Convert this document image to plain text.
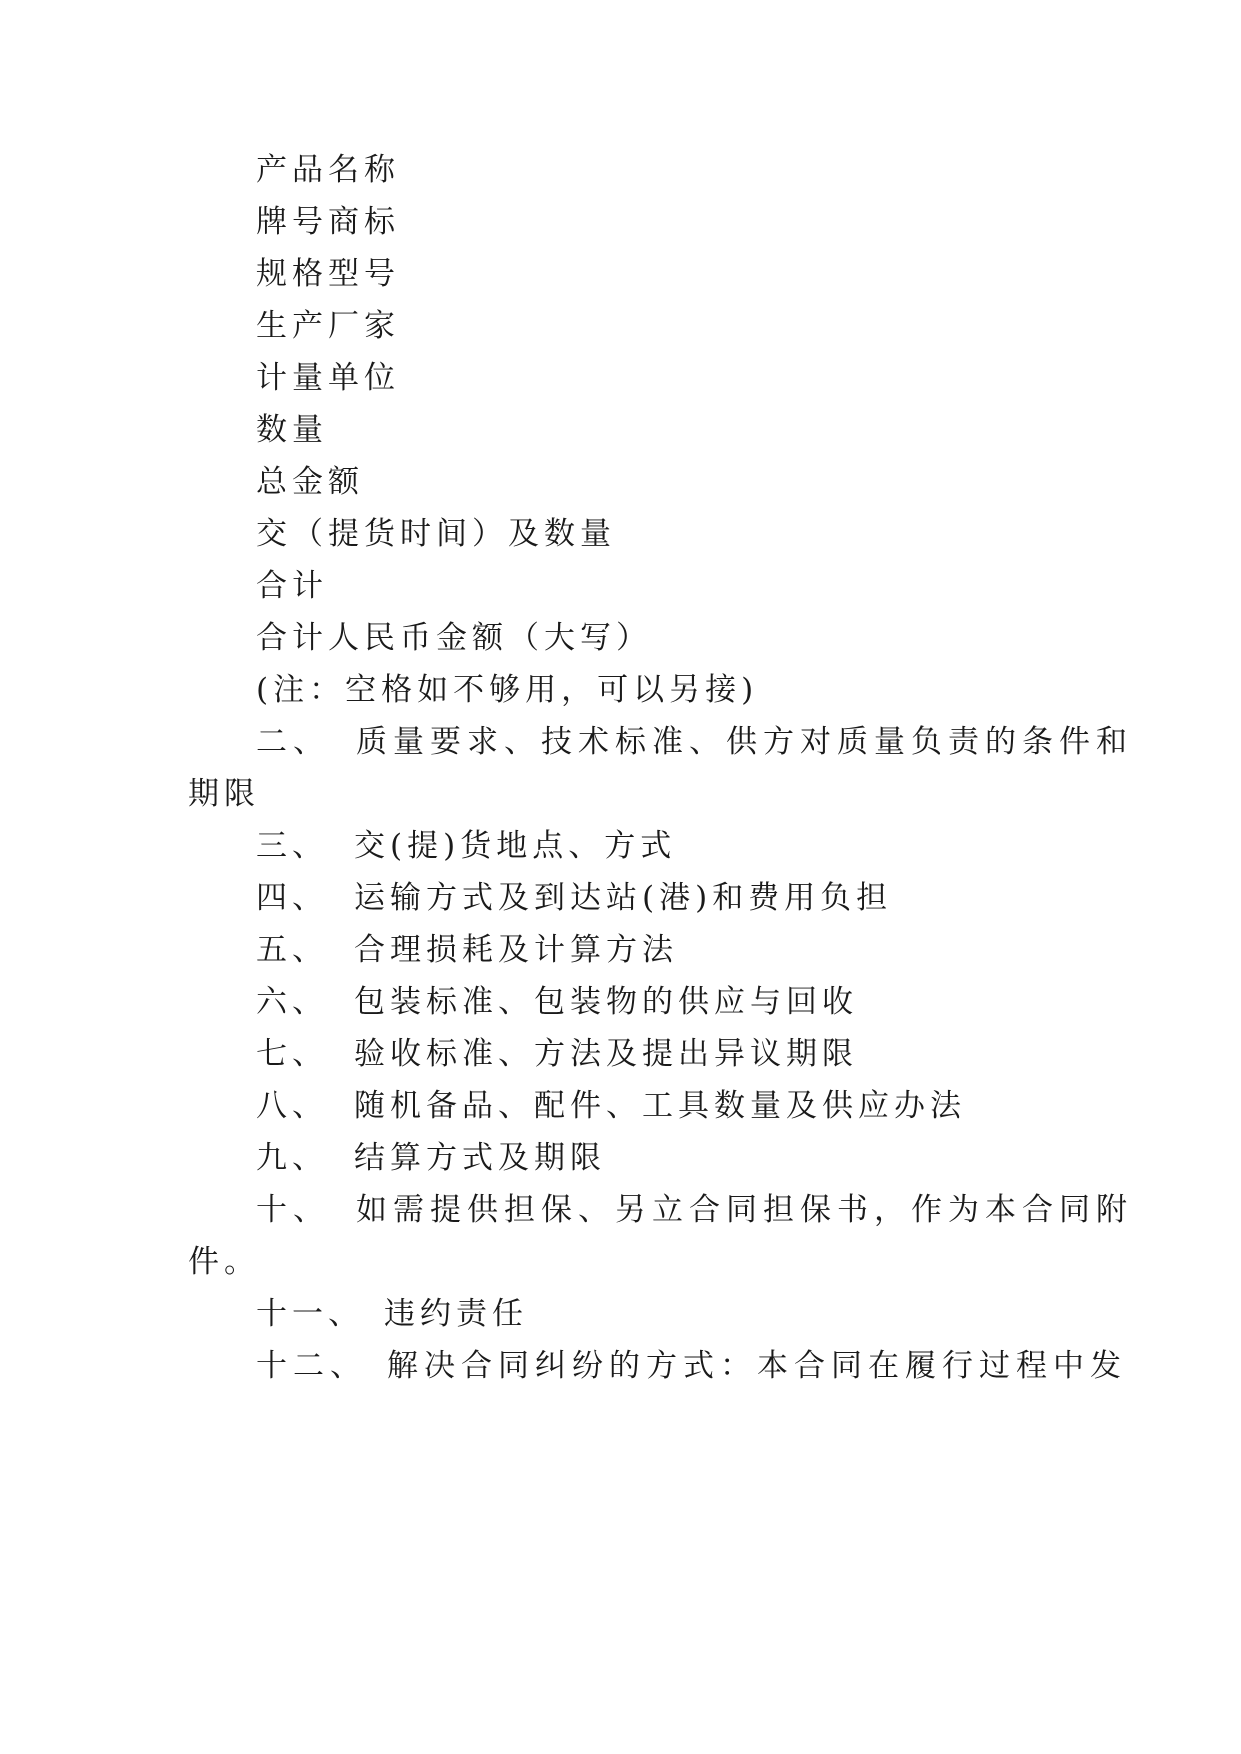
产品名称
牌号商标
规格型号
生产厂家
计量单位
数量
总金额
交（提货时间）及数量
合计
合计人民币金额（大写）
(注：空格如不够用，可以另接)
二、 质量要求、技术标准、供方对质量负责的条件和
期限
三、 交(提)货地点、方式
四、 运输方式及到达站(港)和费用负担
五、 合理损耗及计算方法
六、 包装标准、包装物的供应与回收
七、 验收标准、方法及提出异议期限
八、 随机备品、配件、工具数量及供应办法
九、 结算方式及期限
十、 如需提供担保、另立合同担保书，作为本合同附
件。
十一、 违约责任
十二、 解决合同纠纷的方式：本合同在履行过程中发
